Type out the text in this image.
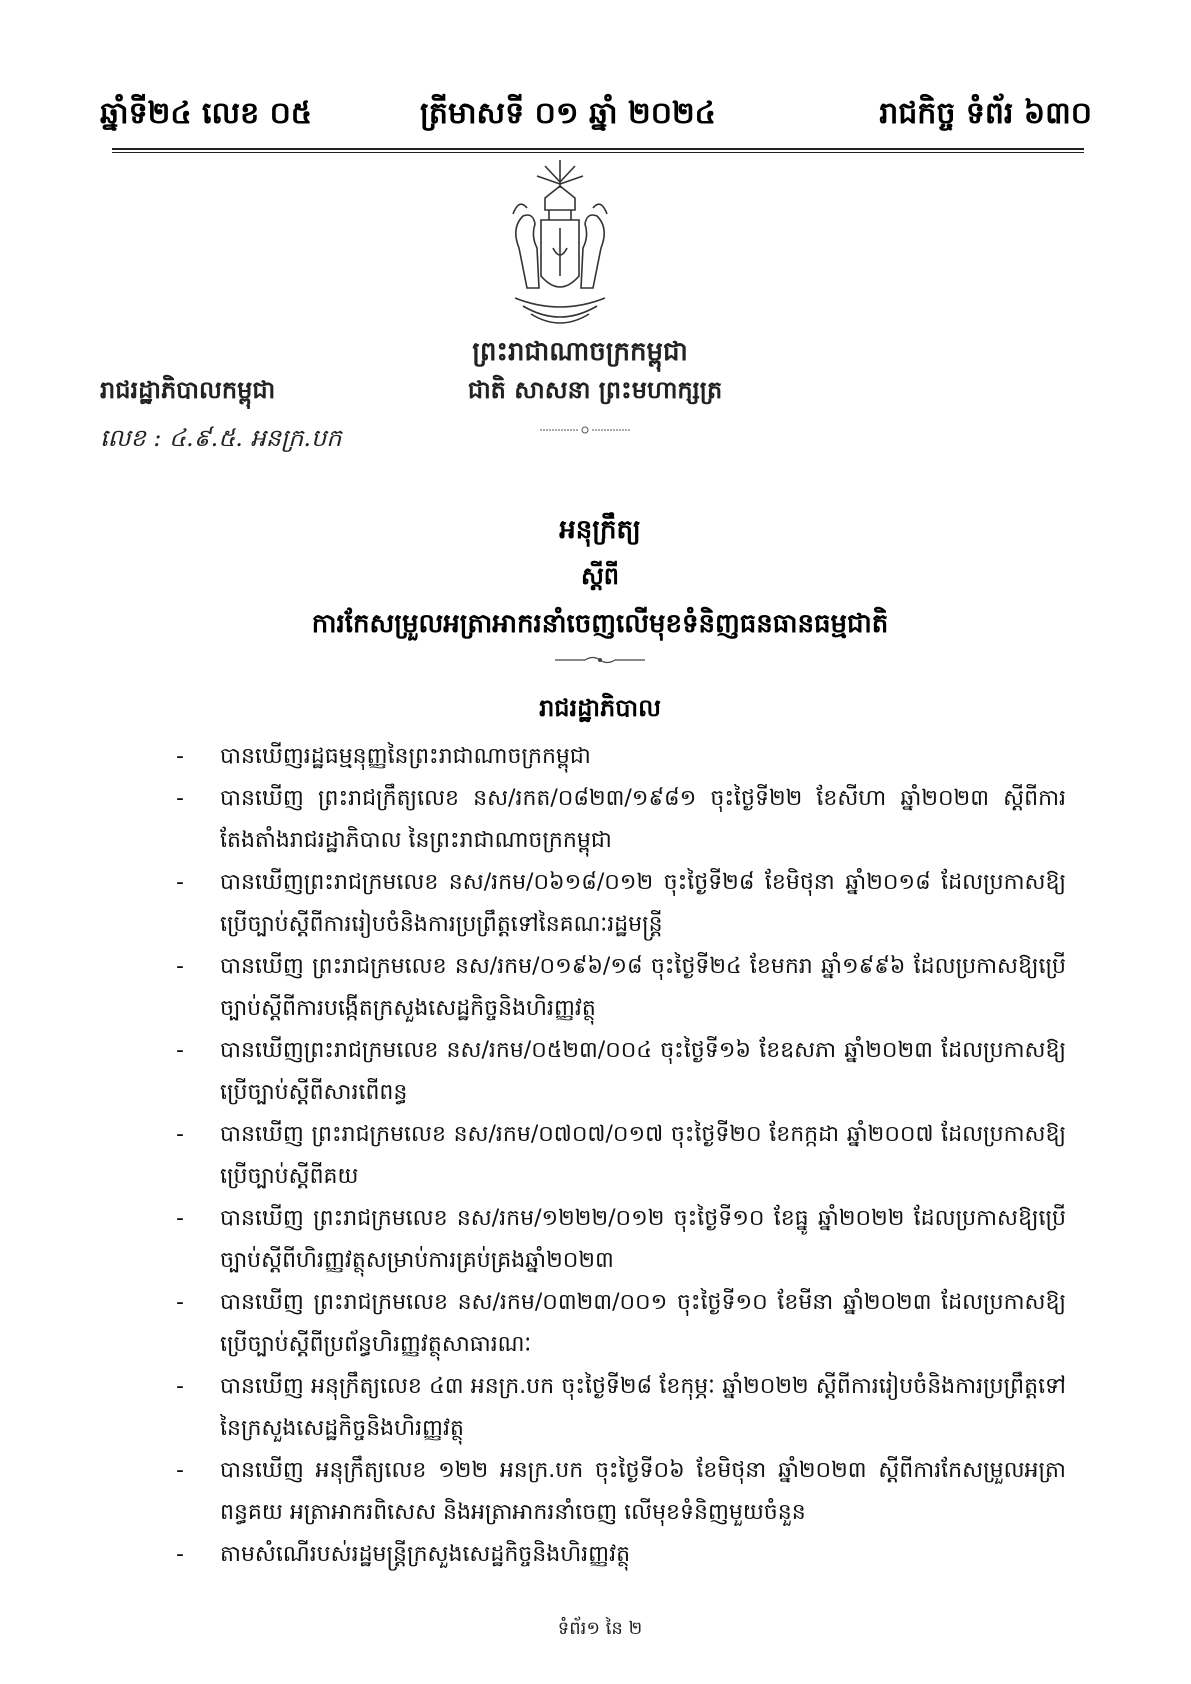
ឆ្នាំទី២៤ លេខ ០៥	ត្រីមាសទី ០១ ឆ្នាំ ២០២៤	រាជកិច្ច ទំព័រ ៦៣០
ព្រះរាជាណាចក្រកម្ពុជា
រាជរដ្ឋាភិបាលកម្ពុជា	ជាតិ សាសនា ព្រះមហាក្សត្រ
លេខ : ៤.៩.៥. អនក្រ.បក
អនុក្រឹត្យ
ស្ដីពី
ការកែសម្រួលអត្រាអាករនាំចេញលើមុខទំនិញធនធានធម្មជាតិ
រាជរដ្ឋាភិបាល
- បានឃើញរដ្ឋធម្មនុញ្ញនៃព្រះរាជាណាចក្រកម្ពុជា
- បានឃើញ ព្រះរាជក្រឹត្យលេខ នស/រកត/០៨២៣/១៩៨១ ចុះថ្ងៃទី២២ ខែសីហា ឆ្នាំ២០២៣ ស្ដីពីការតែងតាំងរាជរដ្ឋាភិបាល នៃព្រះរាជាណាចក្រកម្ពុជា
- បានឃើញព្រះរាជក្រមលេខ នស/រកម/០៦១៨/០១២ ចុះថ្ងៃទី២៨ ខែមិថុនា ឆ្នាំ២០១៨ ដែលប្រកាសឱ្យប្រើច្បាប់ស្ដីពីការរៀបចំនិងការប្រព្រឹត្តទៅនៃគណៈរដ្ឋមន្ត្រី
- បានឃើញ ព្រះរាជក្រមលេខ នស/រកម/០១៩៦/១៨ ចុះថ្ងៃទី២៤ ខែមករា ឆ្នាំ១៩៩៦ ដែលប្រកាសឱ្យប្រើច្បាប់ស្ដីពីការបង្កើតក្រសួងសេដ្ឋកិច្ចនិងហិរញ្ញវត្ថុ
- បានឃើញព្រះរាជក្រមលេខ នស/រកម/០៥២៣/០០៤ ចុះថ្ងៃទី១៦ ខែឧសភា ឆ្នាំ២០២៣ ដែលប្រកាសឱ្យប្រើច្បាប់ស្ដីពីសារពើពន្ធ
- បានឃើញ ព្រះរាជក្រមលេខ នស/រកម/០៧០៧/០១៧ ចុះថ្ងៃទី២០ ខែកក្កដា ឆ្នាំ២០០៧ ដែលប្រកាសឱ្យប្រើច្បាប់ស្ដីពីគយ
- បានឃើញ ព្រះរាជក្រមលេខ នស/រកម/១២២២/០១២ ចុះថ្ងៃទី១០ ខែធ្នូ ឆ្នាំ២០២២ ដែលប្រកាសឱ្យប្រើច្បាប់ស្ដីពីហិរញ្ញវត្ថុសម្រាប់ការគ្រប់គ្រងឆ្នាំ២០២៣
- បានឃើញ ព្រះរាជក្រមលេខ នស/រកម/០៣២៣/០០១ ចុះថ្ងៃទី១០ ខែមីនា ឆ្នាំ២០២៣ ដែលប្រកាសឱ្យប្រើច្បាប់ស្ដីពីប្រព័ន្ធហិរញ្ញវត្ថុសាធារណៈ
- បានឃើញ អនុក្រឹត្យលេខ ៤៣ អនក្រ.បក ចុះថ្ងៃទី២៨ ខែកុម្ភៈ ឆ្នាំ២០២២ ស្ដីពីការរៀបចំនិងការប្រព្រឹត្តទៅនៃក្រសួងសេដ្ឋកិច្ចនិងហិរញ្ញវត្ថុ
- បានឃើញ អនុក្រឹត្យលេខ ១២២ អនក្រ.បក ចុះថ្ងៃទី០៦ ខែមិថុនា ឆ្នាំ២០២៣ ស្ដីពីការកែសម្រួលអត្រាពន្ធគយ អត្រាអាករពិសេស និងអត្រាអាករនាំចេញ លើមុខទំនិញមួយចំនួន
- តាមសំណើរបស់រដ្ឋមន្ត្រីក្រសួងសេដ្ឋកិច្ចនិងហិរញ្ញវត្ថុ
ទំព័រ១ នៃ ២
